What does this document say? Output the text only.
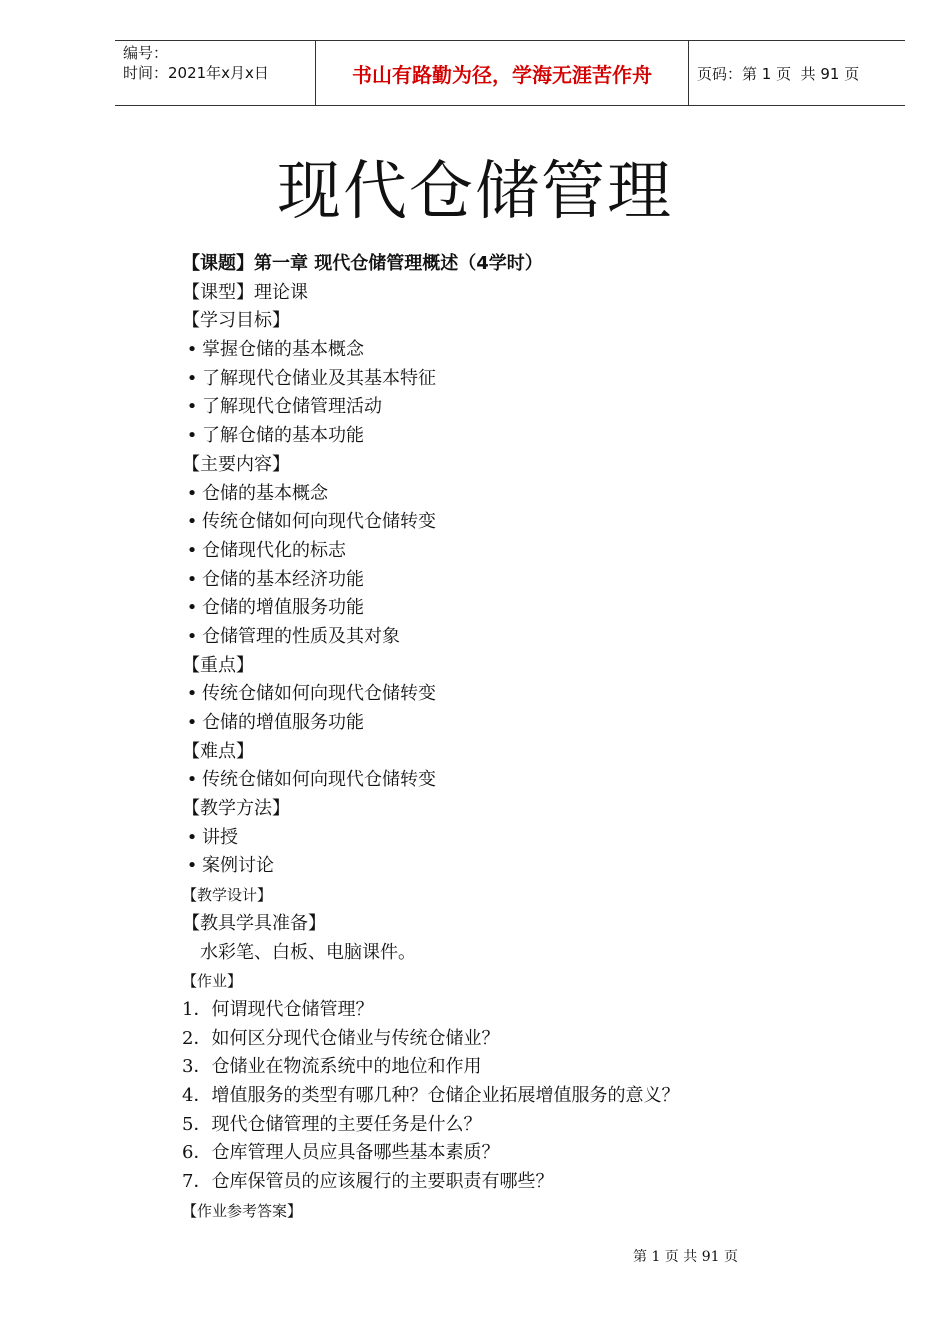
编号：
时间：2021年x月x日	书山有路勤为径，学海无涯苦作舟	页码：第 1 页  共 91 页
现代仓储管理
【课题】第一章 现代仓储管理概述（4学时）
【课型】理论课
【学习目标】
• 掌握仓储的基本概念
• 了解现代仓储业及其基本特征
• 了解现代仓储管理活动
• 了解仓储的基本功能
【主要内容】
• 仓储的基本概念
• 传统仓储如何向现代仓储转变
• 仓储现代化的标志
• 仓储的基本经济功能
• 仓储的增值服务功能
• 仓储管理的性质及其对象
【重点】
• 传统仓储如何向现代仓储转变
• 仓储的增值服务功能
【难点】
• 传统仓储如何向现代仓储转变
【教学方法】
• 讲授
• 案例讨论
【教学设计】
【教具学具准备】
水彩笔、白板、电脑课件。
【作业】
1．何谓现代仓储管理？
2．如何区分现代仓储业与传统仓储业？
3．仓储业在物流系统中的地位和作用
4．增值服务的类型有哪几种？仓储企业拓展增值服务的意义？
5．现代仓储管理的主要任务是什么？
6．仓库管理人员应具备哪些基本素质？
7．仓库保管员的应该履行的主要职责有哪些？
【作业参考答案】
第 1 页 共 91 页
